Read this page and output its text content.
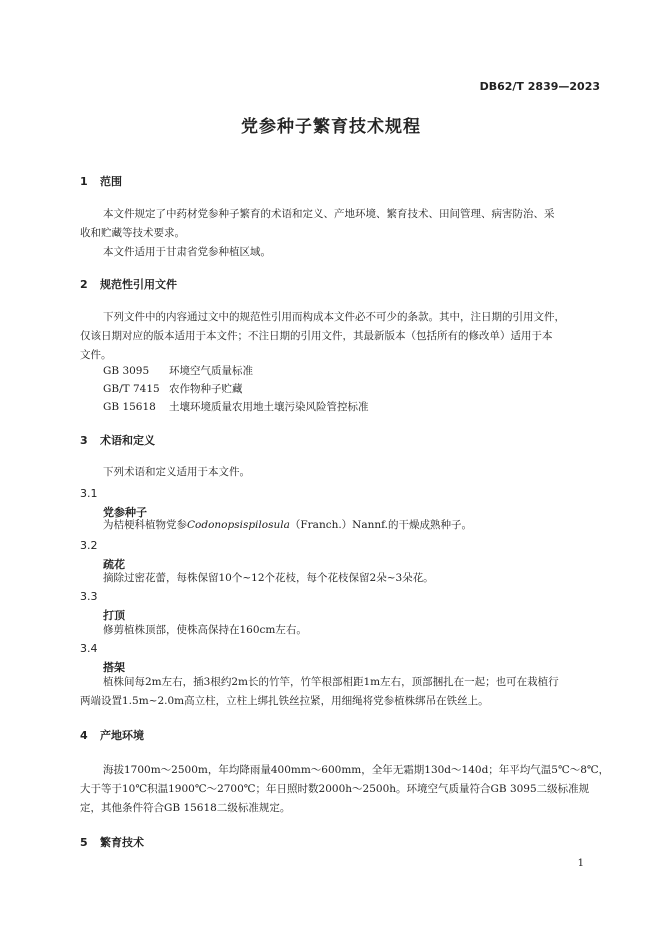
DB62/T 2839—2023
党参种子繁育技术规程
1 范围
本文件规定了中药材党参种子繁育的术语和定义、产地环境、繁育技术、田间管理、病害防治、采
收和贮藏等技术要求。
本文件适用于甘肃省党参种植区域。
2 规范性引用文件
下列文件中的内容通过文中的规范性引用而构成本文件必不可少的条款。其中，注日期的引用文件，
仅该日期对应的版本适用于本文件；不注日期的引用文件，其最新版本（包括所有的修改单）适用于本
文件。
GB 3095 环境空气质量标准
GB/T 7415 农作物种子贮藏
GB 15618 土壤环境质量农用地土壤污染风险管控标准
3 术语和定义
下列术语和定义适用于本文件。
3.1
党参种子
为桔梗科植物党参Codonopsispilosula（Franch.）Nannf.的干燥成熟种子。
3.2
疏花
摘除过密花蕾，每株保留10个~12个花枝，每个花枝保留2朵~3朵花。
3.3
打顶
修剪植株顶部，使株高保持在160cm左右。
3.4
搭架
植株间每2m左右，插3根约2m长的竹竿，竹竿根部相距1m左右，顶部捆扎在一起；也可在栽植行
两端设置1.5m~2.0m高立柱，立柱上绑扎铁丝拉紧，用细绳将党参植株绑吊在铁丝上。
4 产地环境
海拔1700m～2500m，年均降雨量400mm～600mm，全年无霜期130d～140d；年平均气温5℃～8℃，
大于等于10℃积温1900℃～2700℃；年日照时数2000h～2500h。环境空气质量符合GB 3095二级标准规
定，其他条件符合GB 15618二级标准规定。
5 繁育技术
1
